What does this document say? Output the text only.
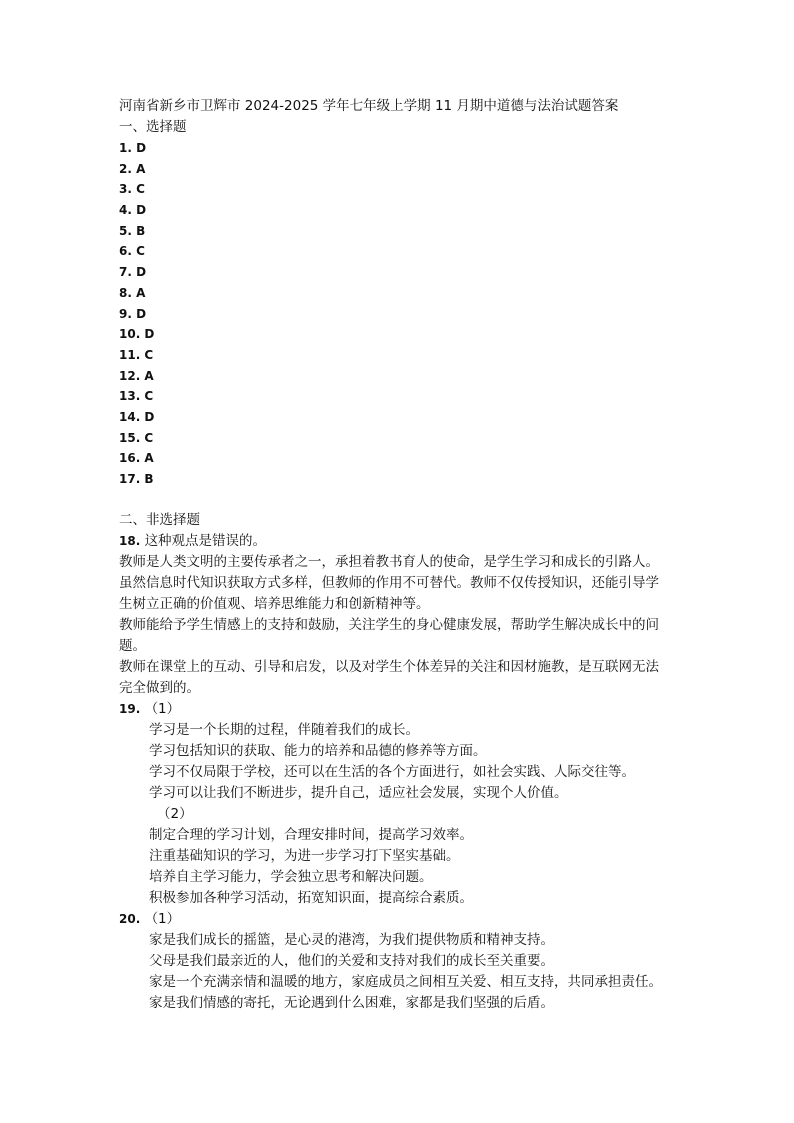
河南省新乡市卫辉市 2024-2025 学年七年级上学期 11 月期中道德与法治试题答案

一、选择题

1. D
2. A
3. C
4. D
5. B
6. C
7. D
8. A
9. D
10. D
11. C
12. A
13. C
14. D
15. C
16. A
17. B

二、非选择题

18. 这种观点是错误的。

教师是人类文明的主要传承者之一，承担着教书育人的使命，是学生学习和成长的引路人。

虽然信息时代知识获取方式多样，但教师的作用不可替代。教师不仅传授知识，还能引导学

生树立正确的价值观、培养思维能力和创新精神等。

教师能给予学生情感上的支持和鼓励，关注学生的身心健康发展，帮助学生解决成长中的问

题。

教师在课堂上的互动、引导和启发，以及对学生个体差异的关注和因材施教，是互联网无法

完全做到的。

19. （1）

学习是一个长期的过程，伴随着我们的成长。

学习包括知识的获取、能力的培养和品德的修养等方面。

学习不仅局限于学校，还可以在生活的各个方面进行，如社会实践、人际交往等。

学习可以让我们不断进步，提升自己，适应社会发展，实现个人价值。

（2）

制定合理的学习计划，合理安排时间，提高学习效率。

注重基础知识的学习，为进一步学习打下坚实基础。

培养自主学习能力，学会独立思考和解决问题。

积极参加各种学习活动，拓宽知识面，提高综合素质。

20. （1）

家是我们成长的摇篮，是心灵的港湾，为我们提供物质和精神支持。

父母是我们最亲近的人，他们的关爱和支持对我们的成长至关重要。

家是一个充满亲情和温暖的地方，家庭成员之间相互关爱、相互支持，共同承担责任。

家是我们情感的寄托，无论遇到什么困难，家都是我们坚强的后盾。
